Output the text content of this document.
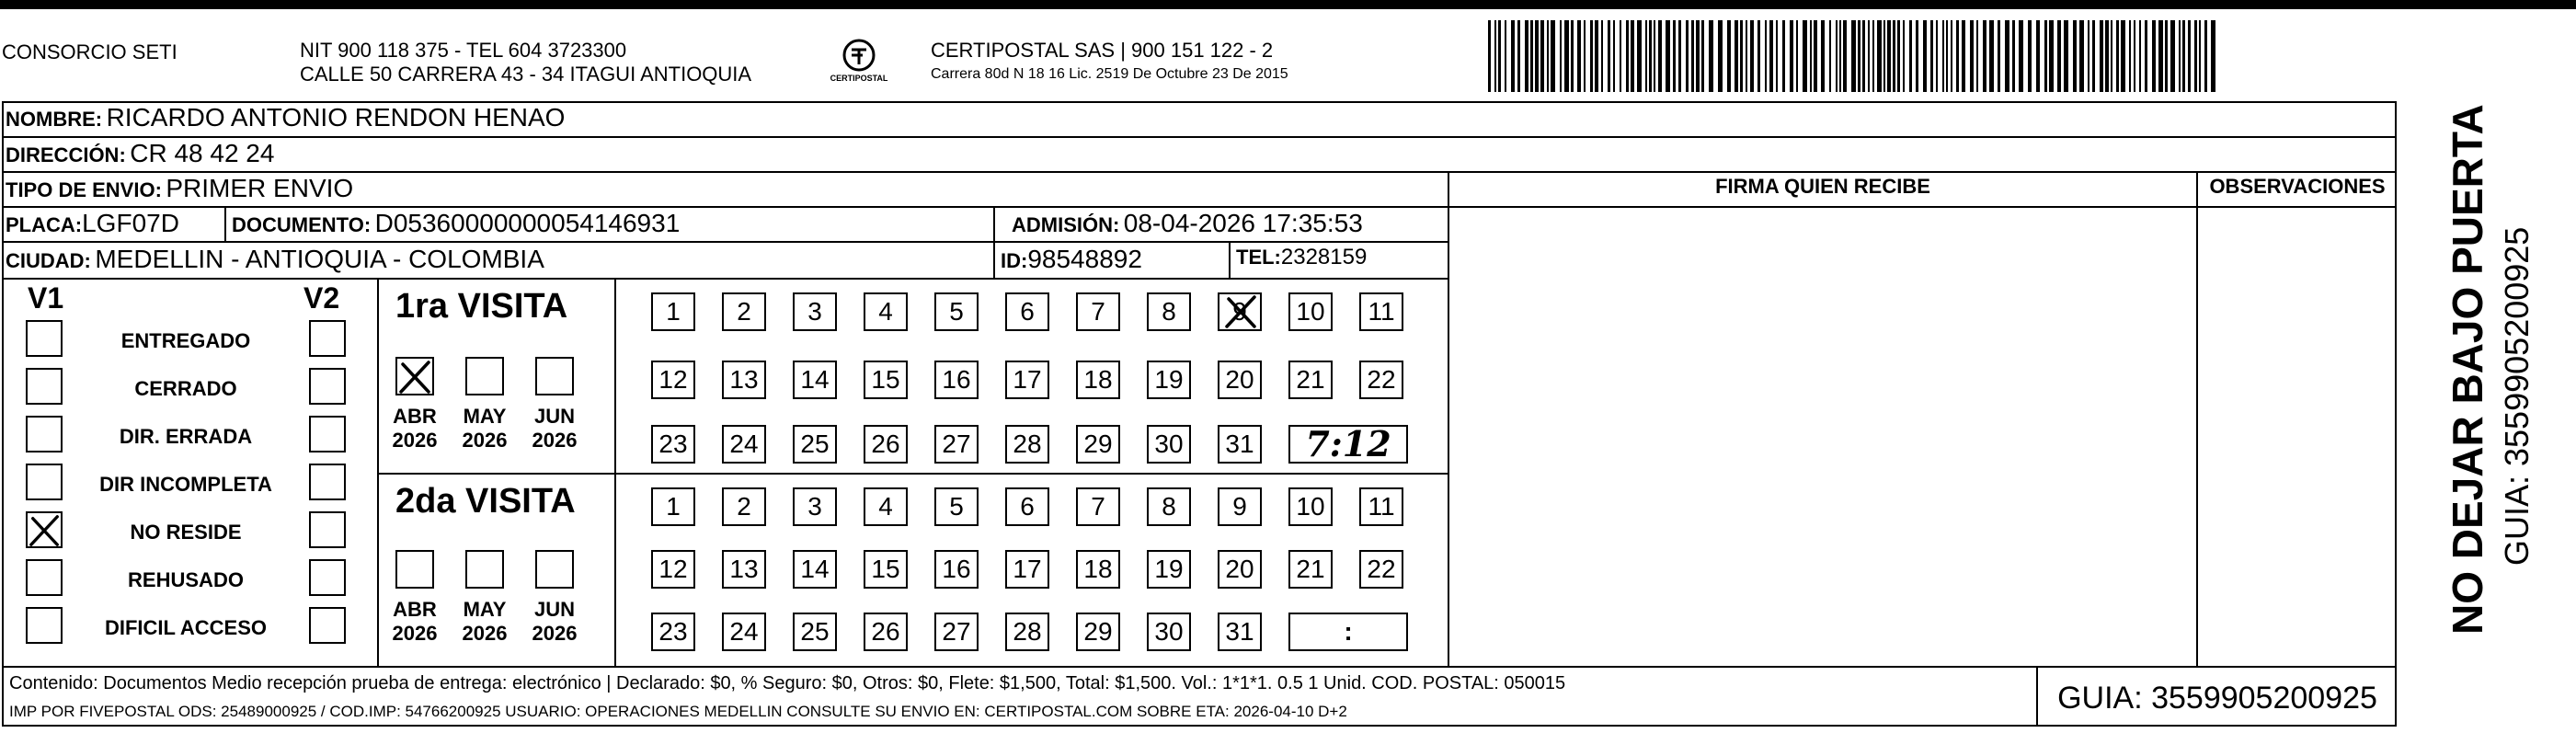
CONSORCIO SETI	NIT 900 118 375 - TEL 604 3723300
CALLE 50 CARRERA 43 - 34 ITAGUI ANTIOQUIA	CERTIPOSTAL
CERTIPOSTAL SAS | 900 151 122 - 2
Carrera 80d N 18 16 Lic. 2519 De Octubre 23 De 2015
NOMBRE: RICARDO ANTONIO RENDON HENAO
DIRECCIÓN: CR 48 42 24
TIPO DE ENVIO: PRIMER ENVIO
PLACA:LGF07D	DOCUMENTO: D05360000000054146931	ADMISIÓN: 08-04-2026 17:35:53
CIUDAD: MEDELLIN - ANTIOQUIA - COLOMBIA	ID:98548892	TEL:2328159
FIRMA QUIEN RECIBE	OBSERVACIONES
V1	V2
ENTREGADO
CERRADO
DIR. ERRADA
DIR INCOMPLETA
NO RESIDE
REHUSADO
DIFICIL ACCESO
1ra VISITA
2da VISITA
ABR
2026
MAY
2026
JUN
2026
ABR
2026
MAY
2026
JUN
2026
1	2	3	4	5	6	7	8	9	10	11
12	13	14	15	16	17	18	19	20	21	22
23	24	25	26	27	28	29	30	31	7:12
1	2	3	4	5	6	7	8	9	10	11
12	13	14	15	16	17	18	19	20	21	22
23	24	25	26	27	28	29	30	31	:
Contenido: Documentos Medio recepción prueba de entrega: electrónico | Declarado: $0, % Seguro: $0, Otros: $0, Flete: $1,500, Total: $1,500. Vol.: 1*1*1. 0.5 1 Unid. COD. POSTAL: 050015
IMP POR FIVEPOSTAL ODS: 25489000925 / COD.IMP: 54766200925 USUARIO: OPERACIONES MEDELLIN CONSULTE SU ENVIO EN: CERTIPOSTAL.COM SOBRE ETA: 2026-04-10 D+2	GUIA: 3559905200925
NO DEJAR BAJO PUERTA GUIA: 3559905200925
